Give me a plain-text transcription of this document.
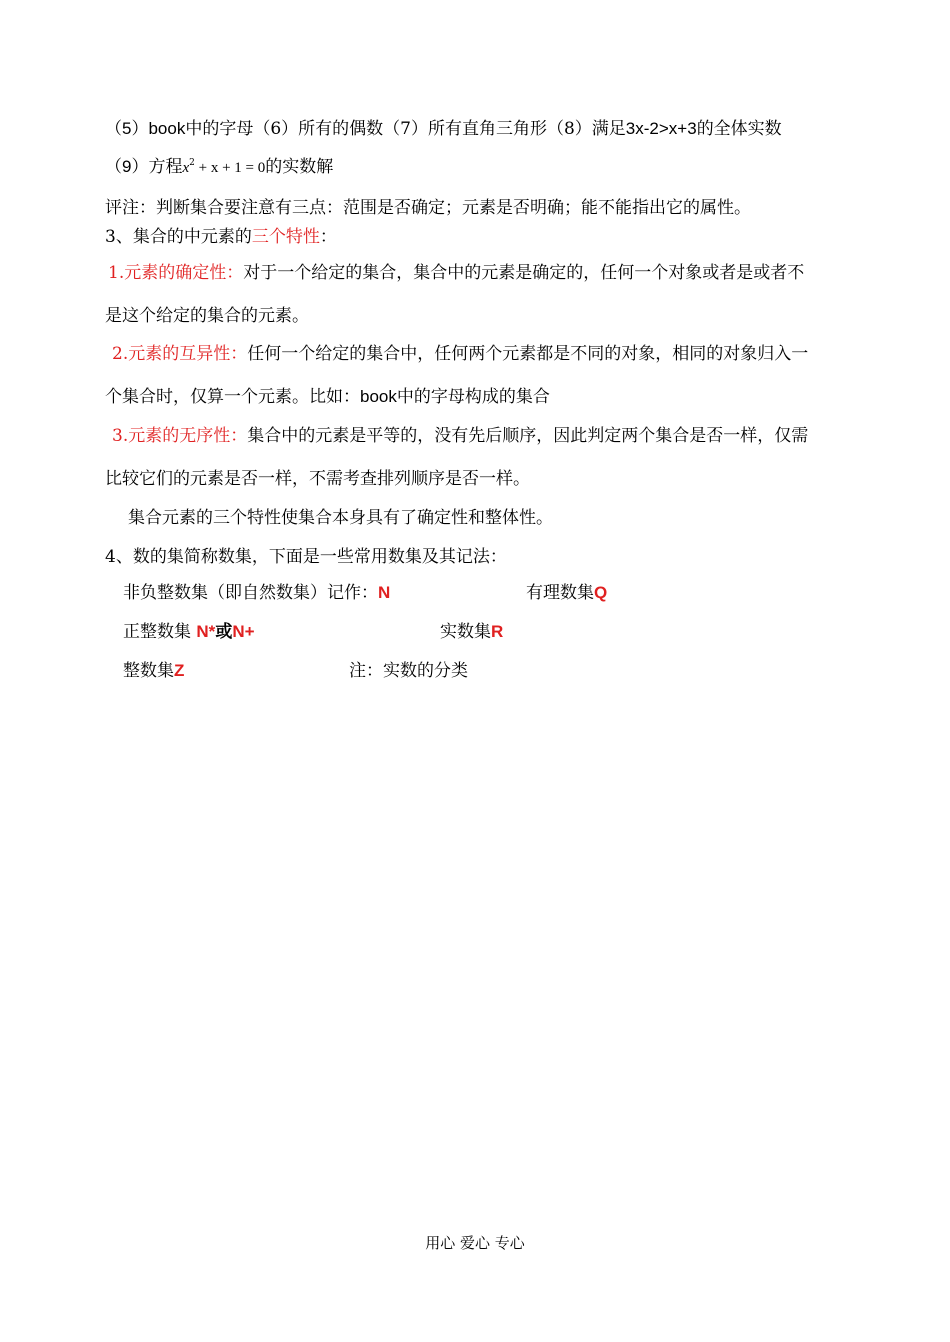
（5）book中的字母（6）所有的偶数（7）所有直角三角形（8）满足3x-2>x+3的全体实数
（9）方程$x^2 + x + 1 = 0$的实数解
评注：判断集合要注意有三点：范围是否确定；元素是否明确；能不能指出它的属性。
3、集合的中元素的三个特性：
1.元素的确定性：对于一个给定的集合，集合中的元素是确定的，任何一个对象或者是或者不
是这个给定的集合的元素。
2.元素的互异性：任何一个给定的集合中，任何两个元素都是不同的对象，相同的对象归入一
个集合时，仅算一个元素。比如：book中的字母构成的集合
3.元素的无序性：集合中的元素是平等的，没有先后顺序，因此判定两个集合是否一样，仅需
比较它们的元素是否一样，不需考查排列顺序是否一样。
集合元素的三个特性使集合本身具有了确定性和整体性。
4、数的集简称数集，下面是一些常用数集及其记法：
非负整数集（即自然数集）记作：N	有理数集Q
正整数集 N*或N+	实数集R
整数集Z	注：实数的分类
用心 爱心 专心
